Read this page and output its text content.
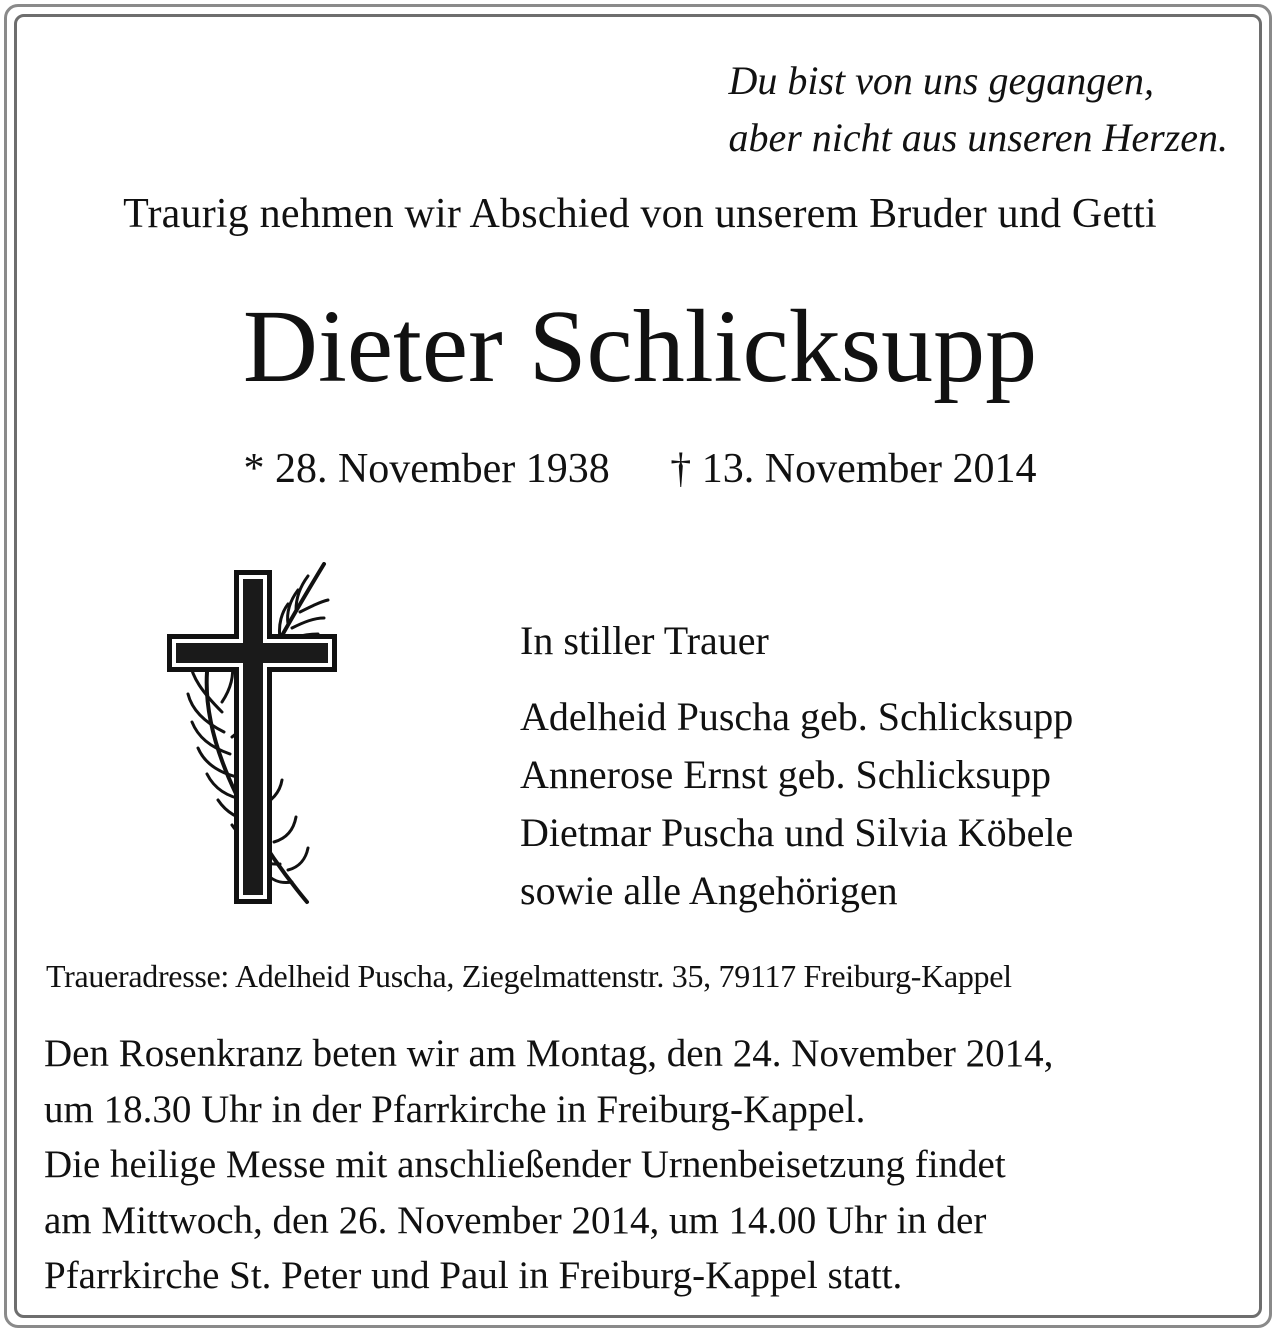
Du bist von uns gegangen,
aber nicht aus unseren Herzen.
Traurig nehmen wir Abschied von unserem Bruder und Getti
Dieter Schlicksupp
* 28. November 1938 † 13. November 2014
In stiller Trauer
Adelheid Puscha geb. Schlicksupp
Annerose Ernst geb. Schlicksupp
Dietmar Puscha und Silvia Köbele
sowie alle Angehörigen
Traueradresse: Adelheid Puscha, Ziegelmattenstr. 35, 79117 Freiburg-Kappel
Den Rosenkranz beten wir am Montag, den 24. November 2014,
um 18.30 Uhr in der Pfarrkirche in Freiburg-Kappel.
Die heilige Messe mit anschließender Urnenbeisetzung findet
am Mittwoch, den 26. November 2014, um 14.00 Uhr in der
Pfarrkirche St. Peter und Paul in Freiburg-Kappel statt.
